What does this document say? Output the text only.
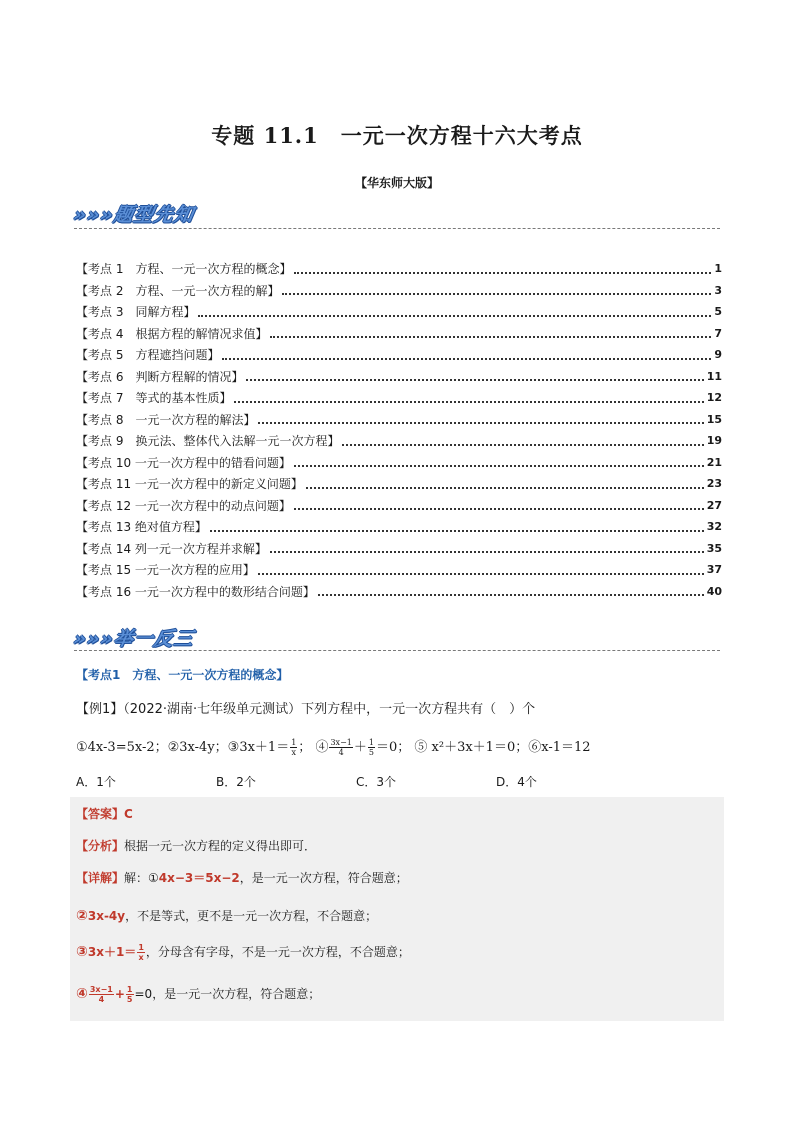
专题 11.1　一元一次方程十六大考点
【华东师大版】
»»»题型先知
【考点 1　方程、一元一次方程的概念】	1
【考点 2　方程、一元一次方程的解】	3
【考点 3　同解方程】	5
【考点 4　根据方程的解情况求值】	7
【考点 5　方程遮挡问题】	9
【考点 6　判断方程解的情况】	11
【考点 7　等式的基本性质】	12
【考点 8　一元一次方程的解法】	15
【考点 9　换元法、整体代入法解一元一次方程】	19
【考点 10 一元一次方程中的错看问题】	21
【考点 11 一元一次方程中的新定义问题】	23
【考点 12 一元一次方程中的动点问题】	27
【考点 13 绝对值方程】	32
【考点 14 列一元一次方程并求解】	35
【考点 15 一元一次方程的应用】	37
【考点 16 一元一次方程中的数形结合问题】	40
»»»举一反三
【考点1　方程、一元一次方程的概念】
【例1】（2022·湖南·七年级单元测试）下列方程中，一元一次方程共有（　）个
①4x-3=5x-2；②3x-4y；③3x＋1＝ $\frac{1}{x}$ ； ④ $\frac{3x-1}{4} + \frac{1}{5} =0$； ⑤ x²＋3x＋1＝0；⑥x-1＝12
A．1个	B．2个	C．3个	D．4个
【答案】C
【分析】根据一元一次方程的定义得出即可．
【详解】解：①4x−3＝5x−2，是一元一次方程，符合题意；
②3x-4y，不是等式，更不是一元一次方程，不合题意；
③3x＋1＝ $\frac{1}{x}$ ，分母含有字母，不是一元一次方程，不合题意；
④ $\frac{3x-1}{4} + \frac{1}{5} =0$，是一元一次方程，符合题意；
